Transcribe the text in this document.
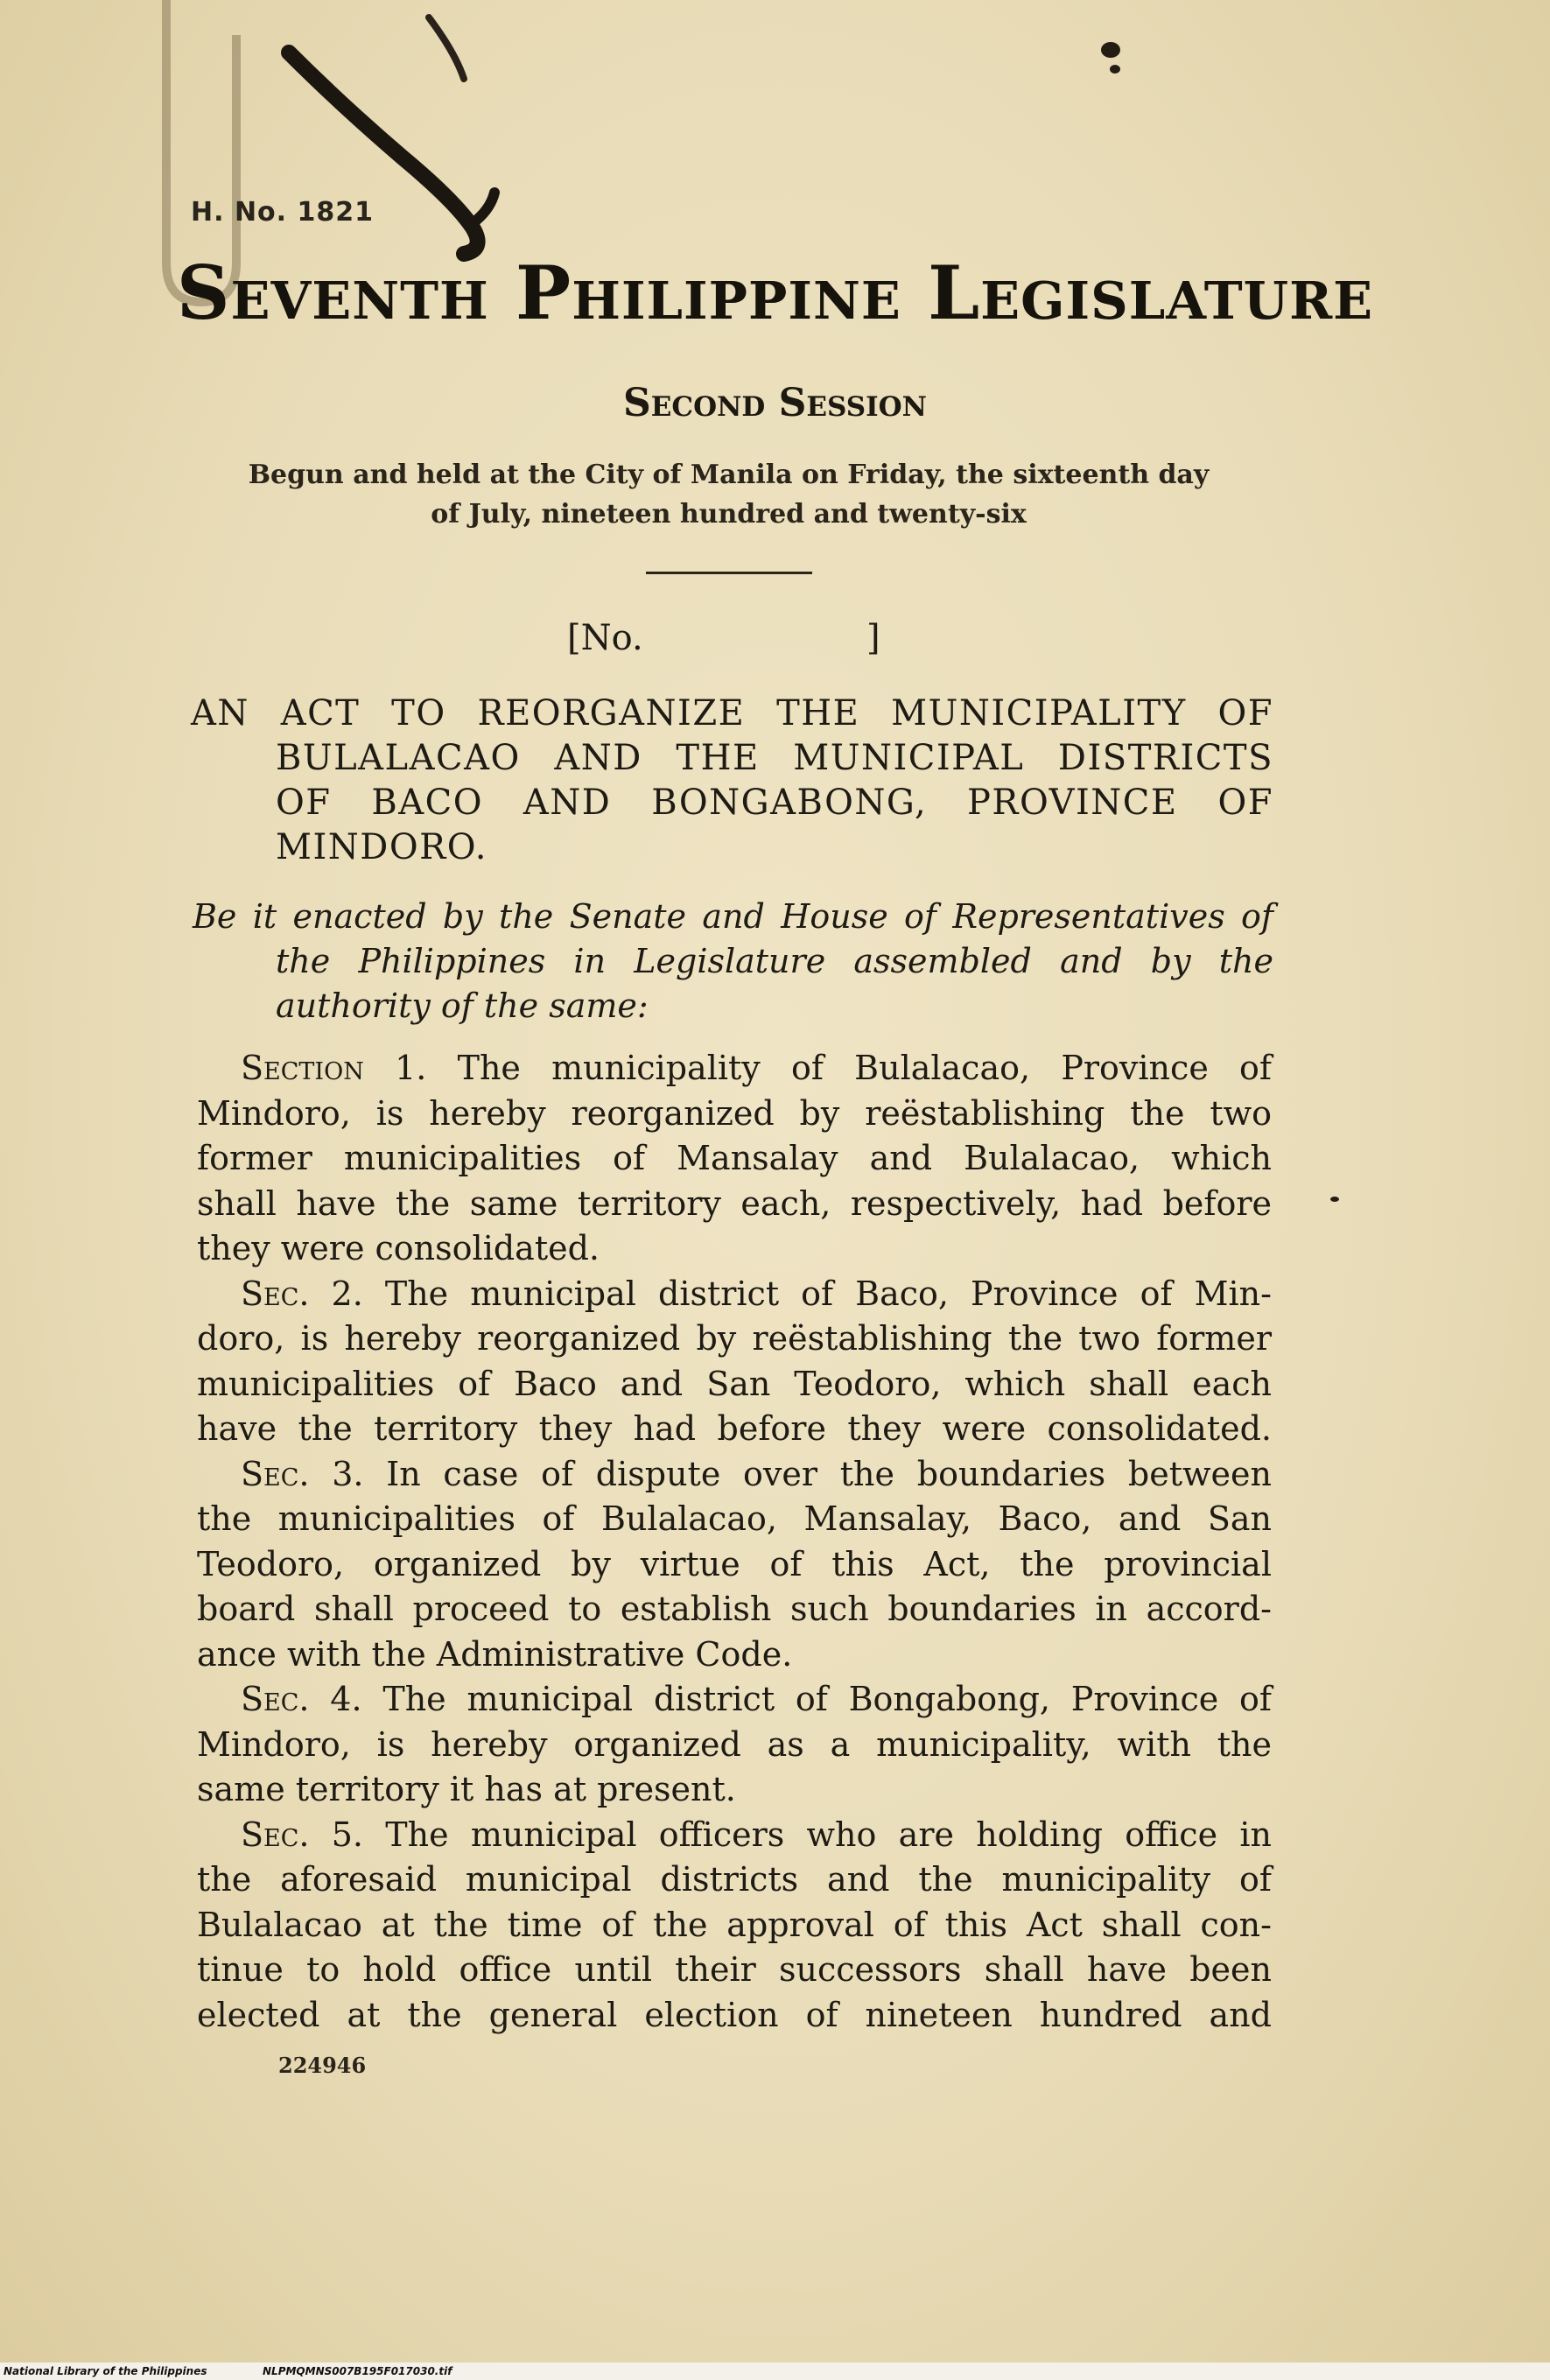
H. No. 1821
Seventh Philippine Legislature
Second Session
Begun and held at the City of Manila on Friday, the sixteenth day
of July, nineteen hundred and twenty-six
[No.	]
AN ACT TO REORGANIZE THE MUNICIPALITY OF
BULALACAO AND THE MUNICIPAL DISTRICTS
OF BACO AND BONGABONG, PROVINCE OF
MINDORO.
Be it enacted by the Senate and House of Representatives of
the Philippines in Legislature assembled and by the
authority of the same:
Section 1. The municipality of Bulalacao, Province of
Mindoro, is hereby reorganized by reëstablishing the two
former municipalities of Mansalay and Bulalacao, which
shall have the same territory each, respectively, had before
they were consolidated.
Sec. 2. The municipal district of Baco, Province of Min-
doro, is hereby reorganized by reëstablishing the two former
municipalities of Baco and San Teodoro, which shall each
have the territory they had before they were consolidated.
Sec. 3. In case of dispute over the boundaries between
the municipalities of Bulalacao, Mansalay, Baco, and San
Teodoro, organized by virtue of this Act, the provincial
board shall proceed to establish such boundaries in accord-
ance with the Administrative Code.
Sec. 4. The municipal district of Bongabong, Province of
Mindoro, is hereby organized as a municipality, with the
same territory it has at present.
Sec. 5. The municipal officers who are holding office in
the aforesaid municipal districts and the municipality of
Bulalacao at the time of the approval of this Act shall con-
tinue to hold office until their successors shall have been
elected at the general election of nineteen hundred and
224946
National Library of the Philippines	NLPMQMNS007B195F017030.tif
